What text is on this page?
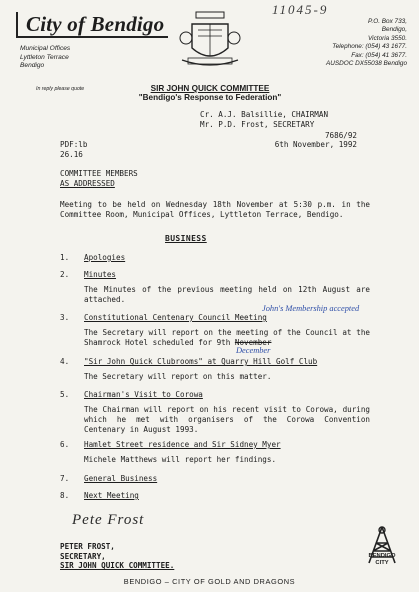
11045-9
City of Bendigo
Municipal Offices
Lyttleton Terrace
Bendigo
P.O. Box 733,
Bendigo,
Victoria 3550.
Telephone: (054) 43 1677.
Fax: (054) 41 3677.
AUSDOC DX55038 Bendigo
In reply please quote	SIR JOHN QUICK COMMITTEE
"Bendigo's Response to Federation"
Cr. A.J. Balsillie, CHAIRMAN
Mr. P.D. Frost, SECRETARY
7686/92
6th November, 1992
PDF:lb
26.16
COMMITTEE MEMBERS
AS ADDRESSED
Meeting to be held on Wednesday 18th November at 5:30 p.m. in the Committee Room, Municipal Offices, Lyttleton Terrace, Bendigo.
BUSINESS
1. Apologies
2. Minutes
The Minutes of the previous meeting held on 12th August are attached.
3. Constitutional Centenary Council Meeting
John's Membership accepted
The Secretary will report on the meeting of the Council at the Shamrock Hotel scheduled for 9th November
December
4. "Sir John Quick Clubrooms" at Quarry Hill Golf Club
The Secretary will report on this matter.
5. Chairman's Visit to Corowa
The Chairman will report on his recent visit to Corowa, during which he met with organisers of the Corowa Convention Centenary in August 1993.
6. Hamlet Street residence and Sir Sidney Myer
Michele Matthews will report her findings.
7. General Business
8. Next Meeting
Pete Frost
PETER FROST,
SECRETARY,
SIR JOHN QUICK COMMITTEE.
BENDIGO
CITY
BENDIGO – CITY OF GOLD AND DRAGONS
